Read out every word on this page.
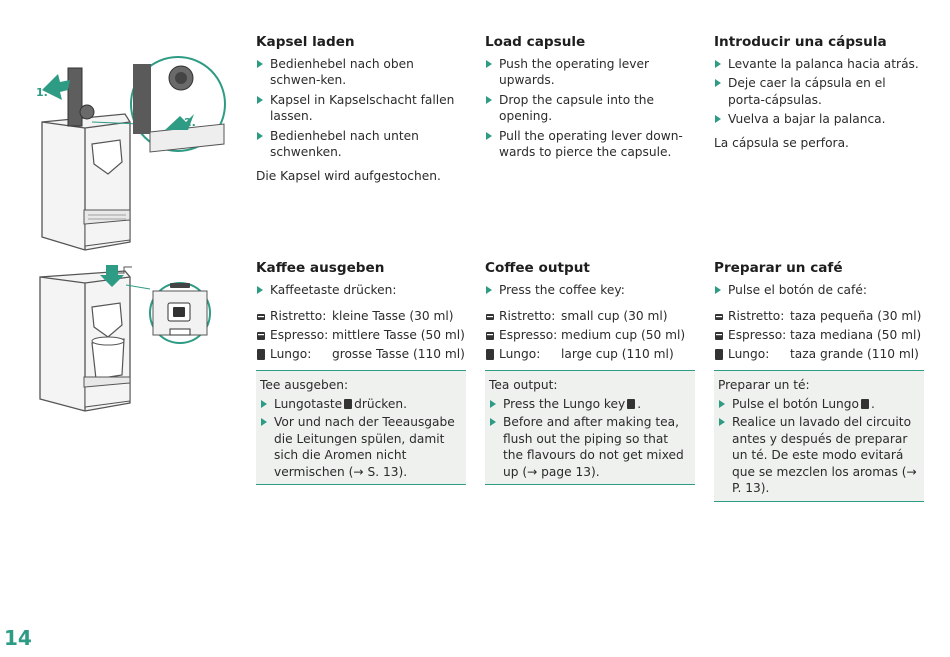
1.
2.
Kapsel laden
Bedienhebel nach oben schwen-ken.
Kapsel in Kapselschacht fallen lassen.
Bedienhebel nach unten schwenken.
Die Kapsel wird aufgestochen.
Load capsule
Push the operating lever upwards.
Drop the capsule into the opening.
Pull the operating lever down-wards to pierce the capsule.
Introducir una cápsula
Levante la palanca hacia atrás.
Deje caer la cápsula en el porta-cápsulas.
Vuelva a bajar la palanca.
La cápsula se perfora.
Kaffee ausgeben
Kaffeetaste drücken:
Ristretto: kleine Tasse (30 ml)
Espresso: mittlere Tasse (50 ml)
Lungo:	grosse Tasse (110 ml)
Tee ausgeben:
Lungotaste drücken.
Vor und nach der Teeausgabe die Leitungen spülen, damit sich die Aromen nicht vermischen (→ S. 13).
Coffee output
Press the coffee key:
Ristretto: small cup (30 ml)
Espresso: medium cup (50 ml)
Lungo:	large cup (110 ml)
Tea output:
Press the Lungo key .
Before and after making tea, flush out the piping so that the flavours do not get mixed up (→ page 13).
Preparar un café
Pulse el botón de café:
Ristretto: taza pequeña (30 ml)
Espresso: taza mediana (50 ml)
Lungo:	taza grande (110 ml)
Preparar un té:
Pulse el botón Lungo .
Realice un lavado del circuito antes y después de preparar un té. De este modo evitará que se mezclen los aromas (→ P. 13).
14
